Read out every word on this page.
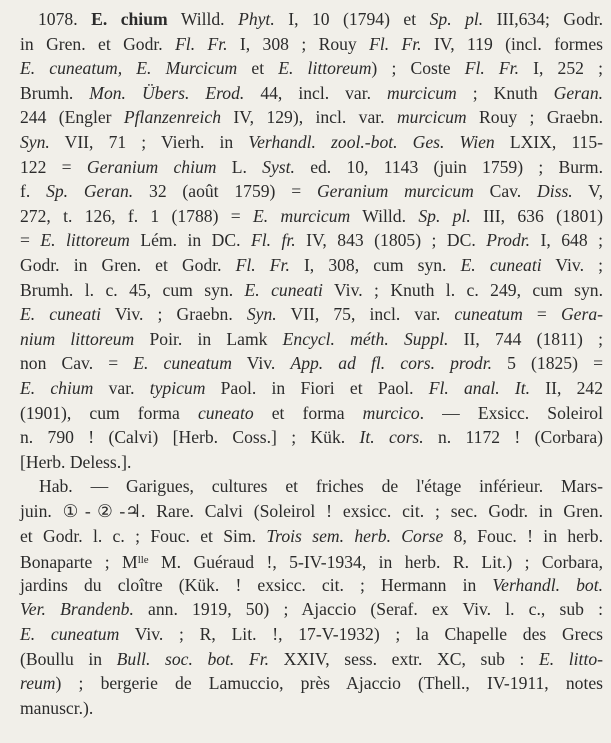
1078. E. chium Willd. Phyt. I, 10 (1794) et Sp. pl. III,634; Godr.
in Gren. et Godr. Fl. Fr. I, 308 ; Rouy Fl. Fr. IV, 119 (incl. formes
E. cuneatum, E. Murcicum et E. littoreum) ; Coste Fl. Fr. I, 252 ;
Brumh. Mon. Übers. Erod. 44, incl. var. murcicum ; Knuth Geran.
244 (Engler Pflanzenreich IV, 129), incl. var. murcicum Rouy ; Graebn.
Syn. VII, 71 ; Vierh. in Verhandl. zool.-bot. Ges. Wien LXIX, 115-
122 = Geranium chium L. Syst. ed. 10, 1143 (juin 1759) ; Burm.
f. Sp. Geran. 32 (août 1759) = Geranium murcicum Cav. Diss. V,
272, t. 126, f. 1 (1788) = E. murcicum Willd. Sp. pl. III, 636 (1801)
= E. littoreum Lém. in DC. Fl. fr. IV, 843 (1805) ; DC. Prodr. I, 648 ;
Godr. in Gren. et Godr. Fl. Fr. I, 308, cum syn. E. cuneati Viv. ;
Brumh. l. c. 45, cum syn. E. cuneati Viv. ; Knuth l. c. 249, cum syn.
E. cuneati Viv. ; Graebn. Syn. VII, 75, incl. var. cuneatum = Gera-
nium littoreum Poir. in Lamk Encycl. méth. Suppl. II, 744 (1811) ;
non Cav. = E. cuneatum Viv. App. ad fl. cors. prodr. 5 (1825) =
E. chium var. typicum Paol. in Fiori et Paol. Fl. anal. It. II, 242
(1901), cum forma cuneato et forma murcico. — Exsicc. Soleirol
n. 790 ! (Calvi) [Herb. Coss.] ; Kük. It. cors. n. 1172 ! (Corbara)
[Herb. Deless.].
Hab. — Garigues, cultures et friches de l'étage inférieur. Mars-
juin. ①-②-♃. Rare. Calvi (Soleirol ! exsicc. cit. ; sec. Godr. in Gren.
et Godr. l. c. ; Fouc. et Sim. Trois sem. herb. Corse 8, Fouc. ! in herb.
Bonaparte ; $M^{lle}$ M. Guéraud !, 5-IV-1934, in herb. R. Lit.) ; Corbara,
jardins du cloître (Kük. ! exsicc. cit. ; Hermann in Verhandl. bot.
Ver. Brandenb. ann. 1919, 50) ; Ajaccio (Seraf. ex Viv. l. c., sub :
E. cuneatum Viv. ; R, Lit. !, 17-V-1932) ; la Chapelle des Grecs
(Boullu in Bull. soc. bot. Fr. XXIV, sess. extr. XC, sub : E. litto-
reum) ; bergerie de Lamuccio, près Ajaccio (Thell., IV-1911, notes
manuscr.).
